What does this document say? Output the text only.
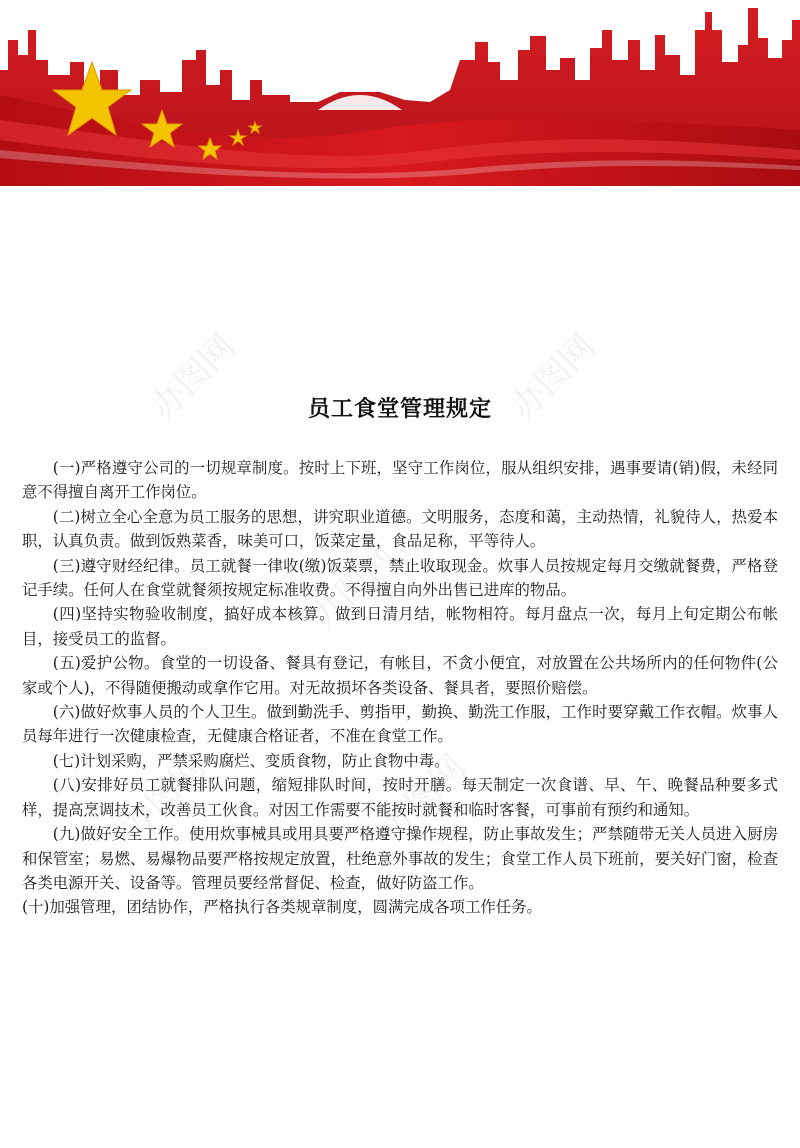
办图网	办图网
办图网
办图网	办图网
员工食堂管理规定

(一)严格遵守公司的一切规章制度。按时上下班，坚守工作岗位，服从组织安排，遇事要请(销)假，未经同意不得擅自离开工作岗位。

(二)树立全心全意为员工服务的思想，讲究职业道德。文明服务，态度和蔼，主动热情，礼貌待人，热爱本职，认真负责。做到饭熟菜香，味美可口，饭菜定量，食品足称，平等待人。

(三)遵守财经纪律。员工就餐一律收(缴)饭菜票，禁止收取现金。炊事人员按规定每月交缴就餐费，严格登记手续。任何人在食堂就餐须按规定标准收费。不得擅自向外出售已进库的物品。

(四)坚持实物验收制度，搞好成本核算。做到日清月结，帐物相符。每月盘点一次，每月上旬定期公布帐目，接受员工的监督。

(五)爱护公物。食堂的一切设备、餐具有登记，有帐目，不贪小便宜，对放置在公共场所内的任何物件(公家或个人)，不得随便搬动或拿作它用。对无故损坏各类设备、餐具者，要照价赔偿。

(六)做好炊事人员的个人卫生。做到勤洗手、剪指甲，勤换、勤洗工作服，工作时要穿戴工作衣帽。炊事人员每年进行一次健康检查，无健康合格证者，不准在食堂工作。

(七)计划采购，严禁采购腐烂、变质食物，防止食物中毒。

(八)安排好员工就餐排队问题，缩短排队时间，按时开膳。每天制定一次食谱、早、午、晚餐品种要多式样，提高烹调技术，改善员工伙食。对因工作需要不能按时就餐和临时客餐，可事前有预约和通知。

(九)做好安全工作。使用炊事械具或用具要严格遵守操作规程，防止事故发生；严禁随带无关人员进入厨房和保管室；易燃、易爆物品要严格按规定放置，杜绝意外事故的发生；食堂工作人员下班前，要关好门窗，检查各类电源开关、设备等。管理员要经常督促、检查，做好防盗工作。

(十)加强管理，团结协作，严格执行各类规章制度，圆满完成各项工作任务。
